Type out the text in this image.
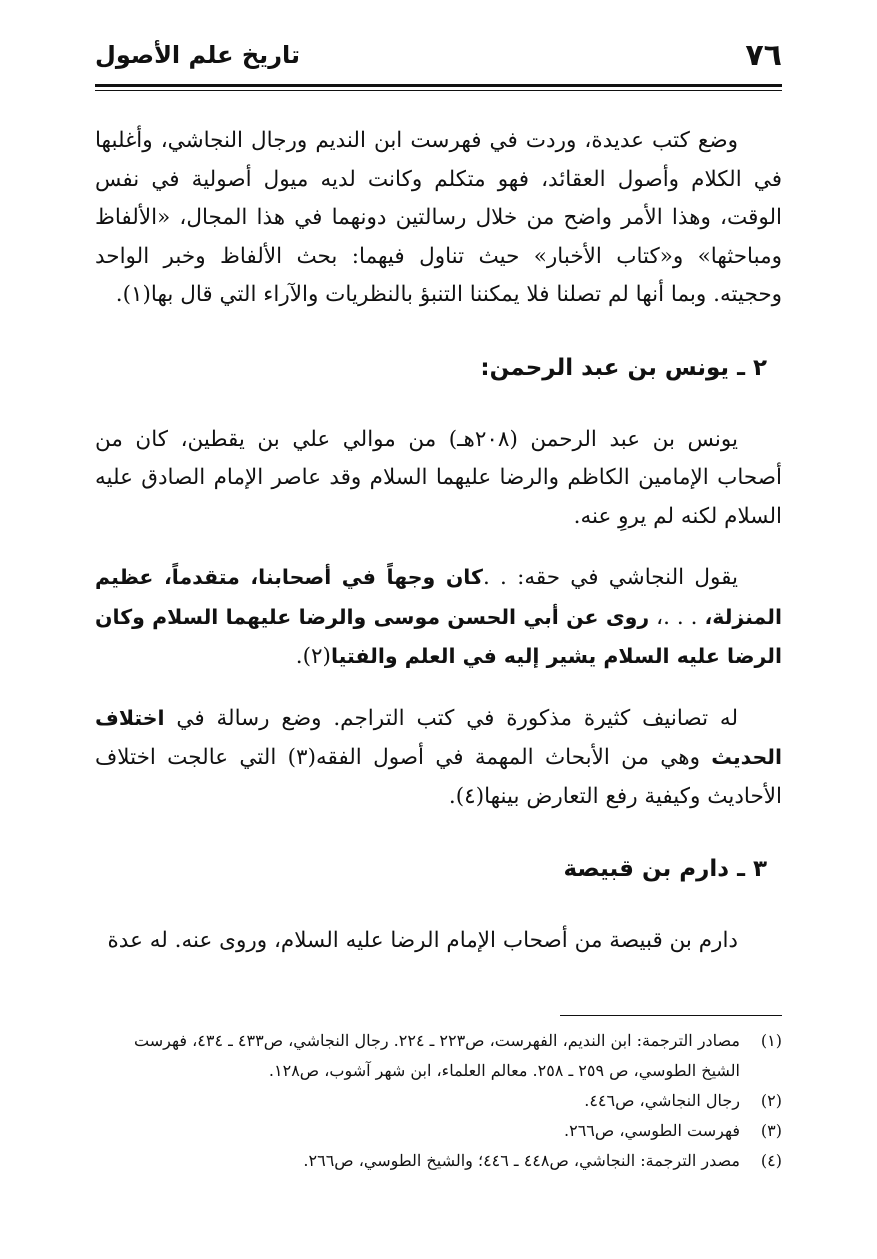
٧٦
تاريخ علم الأصول

وضع كتب عديدة، وردت في فهرست ابن النديم ورجال النجاشي، وأغلبها في الكلام وأصول العقائد، فهو متكلم وكانت لديه ميول أصولية في نفس الوقت، وهذا الأمر واضح من خلال رسالتين دونهما في هذا المجال، «الألفاظ ومباحثها» و«كتاب الأخبار» حيث تناول فيهما: بحث الألفاظ وخبر الواحد وحجيته. وبما أنها لم تصلنا فلا يمكننا التنبؤ بالنظريات والآراء التي قال بها(١).

٢ ـ يونس بن عبد الرحمن:

يونس بن عبد الرحمن (٢٠٨هـ) من موالي علي بن يقطين، كان من أصحاب الإمامين الكاظم والرضا عليهما السلام وقد عاصر الإمام الصادق عليه السلام لكنه لم يروِ عنه.

يقول النجاشي في حقه: . .كان وجهاً في أصحابنا، متقدماً، عظيم المنزلة، . . .، روى عن أبي الحسن موسى والرضا عليهما السلام وكان الرضا عليه السلام يشير إليه في العلم والفتيا(٢).

له تصانيف كثيرة مذكورة في كتب التراجم. وضع رسالة في اختلاف الحديث وهي من الأبحاث المهمة في أصول الفقه(٣) التي عالجت اختلاف الأحاديث وكيفية رفع التعارض بينها(٤).

٣ ـ دارم بن قبيصة

دارم بن قبيصة من أصحاب الإمام الرضا عليه السلام، وروى عنه. له عدة

(١)مصادر الترجمة: ابن النديم، الفهرست، ص٢٢٣ ـ ٢٢٤. رجال النجاشي، ص٤٣٣ ـ ٤٣٤، فهرست الشيخ الطوسي، ص ٢٥٩ ـ ٢٥٨. معالم العلماء، ابن شهر آشوب، ص١٢٨.

(٢)رجال النجاشي، ص٤٤٦.

(٣)فهرست الطوسي، ص٢٦٦.

(٤)مصدر الترجمة: النجاشي، ص٤٤٨ ـ ٤٤٦؛ والشيخ الطوسي، ص٢٦٦.
